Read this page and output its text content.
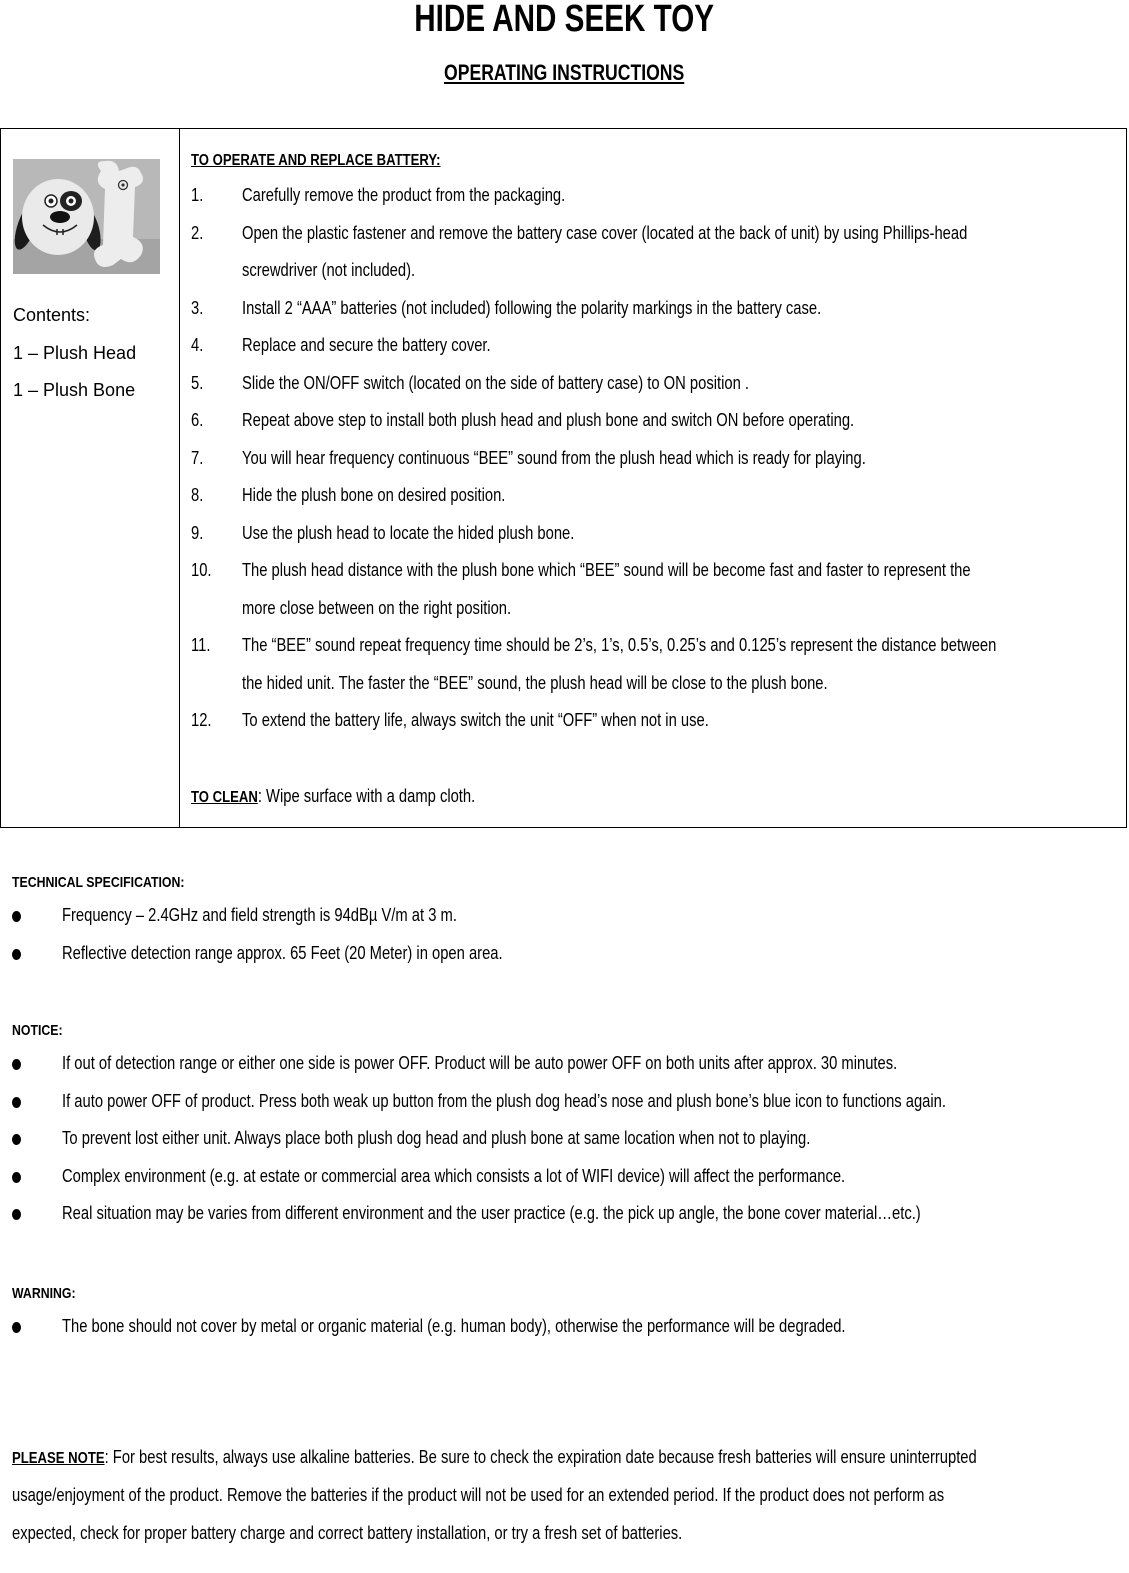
HIDE AND SEEK TOY
OPERATING INSTRUCTIONS
Contents:
1 – Plush Head
1 – Plush Bone
TO OPERATE AND REPLACE BATTERY:
1. Carefully remove the product from the packaging.
2. Open the plastic fastener and remove the battery case cover (located at the back of unit) by using Phillips-head
screwdriver (not included).
3. Install 2 “AAA” batteries (not included) following the polarity markings in the battery case.
4. Replace and secure the battery cover.
5. Slide the ON/OFF switch (located on the side of battery case) to ON position .
6. Repeat above step to install both plush head and plush bone and switch ON before operating.
7. You will hear frequency continuous “BEE” sound from the plush head which is ready for playing.
8. Hide the plush bone on desired position.
9. Use the plush head to locate the hided plush bone.
10. The plush head distance with the plush bone which “BEE” sound will be become fast and faster to represent the
more close between on the right position.
11. The “BEE” sound repeat frequency time should be 2’s, 1’s, 0.5’s, 0.25’s and 0.125’s represent the distance between
the hided unit. The faster the “BEE” sound, the plush head will be close to the plush bone.
12. To extend the battery life, always switch the unit “OFF” when not in use.
TO CLEAN: Wipe surface with a damp cloth.
TECHNICAL SPECIFICATION:
Frequency – 2.4GHz and field strength is 94dBµ V/m at 3 m.
Reflective detection range approx. 65 Feet (20 Meter) in open area.
NOTICE:
If out of detection range or either one side is power OFF. Product will be auto power OFF on both units after approx. 30 minutes.
If auto power OFF of product. Press both weak up button from the plush dog head’s nose and plush bone’s blue icon to functions again.
To prevent lost either unit. Always place both plush dog head and plush bone at same location when not to playing.
Complex environment (e.g. at estate or commercial area which consists a lot of WIFI device) will affect the performance.
Real situation may be varies from different environment and the user practice (e.g. the pick up angle, the bone cover material…etc.)
WARNING:
The bone should not cover by metal or organic material (e.g. human body), otherwise the performance will be degraded.
PLEASE NOTE: For best results, always use alkaline batteries. Be sure to check the expiration date because fresh batteries will ensure uninterrupted
usage/enjoyment of the product. Remove the batteries if the product will not be used for an extended period. If the product does not perform as
expected, check for proper battery charge and correct battery installation, or try a fresh set of batteries.
